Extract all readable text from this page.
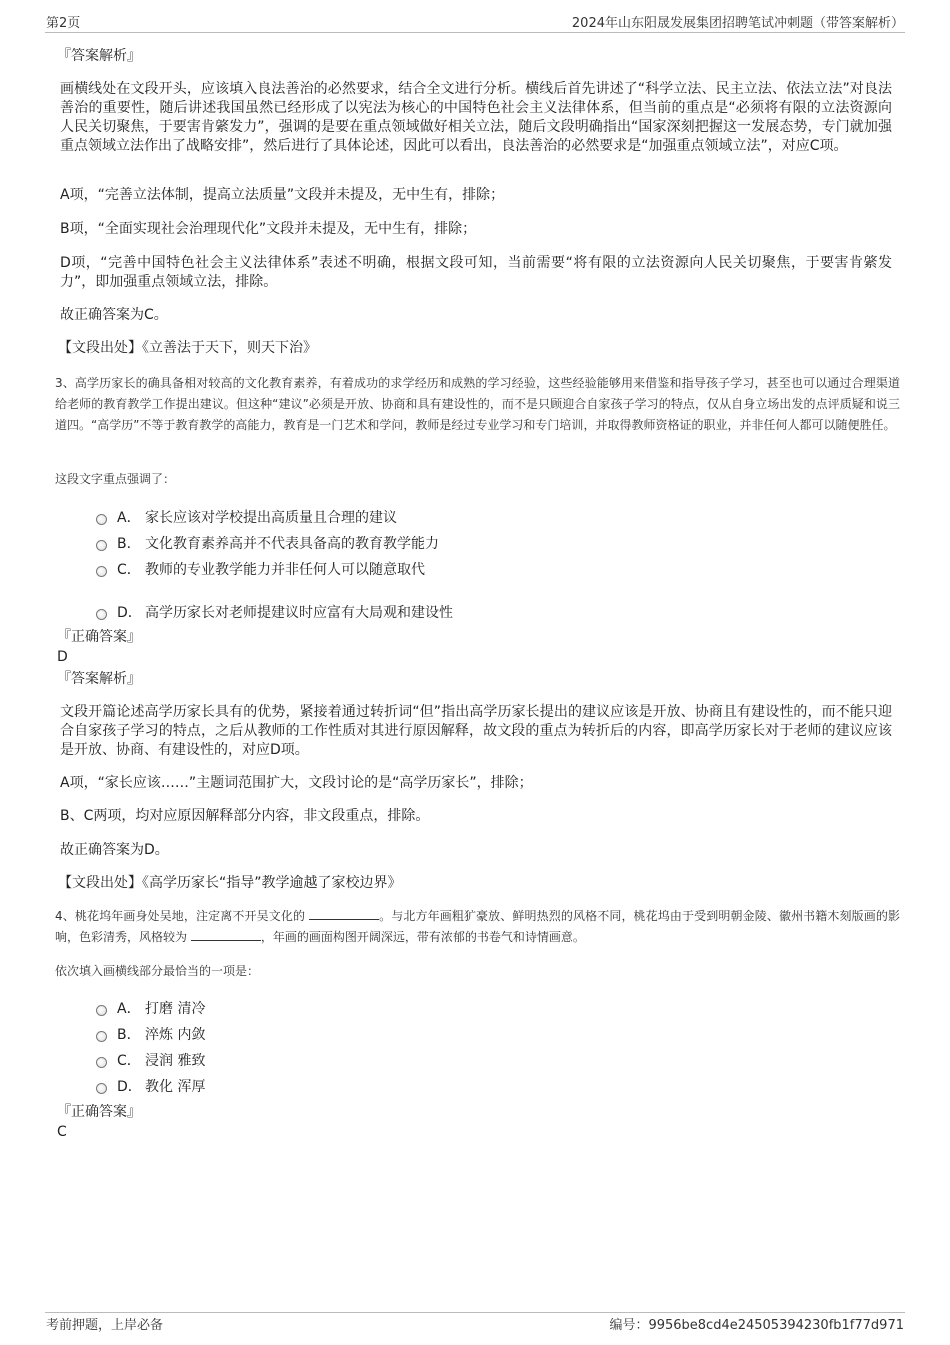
第2页	2024年山东阳晟发展集团招聘笔试冲刺题（带答案解析）
『答案解析』
画横线处在文段开头，应该填入良法善治的必然要求，结合全文进行分析。横线后首先讲述了“科学立法、民主立法、依法立法”对良法善治的重要性，随后讲述我国虽然已经形成了以宪法为核心的中国特色社会主义法律体系，但当前的重点是“必须将有限的立法资源向人民关切聚焦，于要害肯綮发力”，强调的是要在重点领域做好相关立法，随后文段明确指出“国家深刻把握这一发展态势，专门就加强重点领域立法作出了战略安排”，然后进行了具体论述，因此可以看出，良法善治的必然要求是“加强重点领域立法”，对应C项。
A项，“完善立法体制，提高立法质量”文段并未提及，无中生有，排除；
B项，“全面实现社会治理现代化”文段并未提及，无中生有，排除；
D项，“完善中国特色社会主义法律体系”表述不明确，根据文段可知，当前需要“将有限的立法资源向人民关切聚焦，于要害肯綮发力”，即加强重点领域立法，排除。
故正确答案为C。
【文段出处】《立善法于天下，则天下治》
3、高学历家长的确具备相对较高的文化教育素养，有着成功的求学经历和成熟的学习经验，这些经验能够用来借鉴和指导孩子学习，甚至也可以通过合理渠道给老师的教育教学工作提出建议。但这种“建议”必须是开放、协商和具有建设性的，而不是只顾迎合自家孩子学习的特点，仅从自身立场出发的点评质疑和说三道四。“高学历”不等于教育教学的高能力，教育是一门艺术和学问，教师是经过专业学习和专门培训，并取得教师资格证的职业，并非任何人都可以随便胜任。
这段文字重点强调了：
A． 家长应该对学校提出高质量且合理的建议
B． 文化教育素养高并不代表具备高的教育教学能力
C． 教师的专业教学能力并非任何人可以随意取代
D． 高学历家长对老师提建议时应富有大局观和建设性
『正确答案』
D
『答案解析』
文段开篇论述高学历家长具有的优势，紧接着通过转折词“但”指出高学历家长提出的建议应该是开放、协商且有建设性的，而不能只迎合自家孩子学习的特点，之后从教师的工作性质对其进行原因解释，故文段的重点为转折后的内容，即高学历家长对于老师的建议应该是开放、协商、有建设性的，对应D项。
A项，“家长应该……”主题词范围扩大，文段讨论的是“高学历家长”，排除；
B、C两项，均对应原因解释部分内容，非文段重点，排除。
故正确答案为D。
【文段出处】《高学历家长“指导”教学逾越了家校边界》
4、桃花坞年画身处吴地，注定离不开吴文化的	。与北方年画粗犷豪放、鲜明热烈的风格不同，桃花坞由于受到明朝金陵、徽州书籍木刻版画的影响，色彩清秀，风格较为	，年画的画面构图开阔深远，带有浓郁的书卷气和诗情画意。
依次填入画横线部分最恰当的一项是：
A． 打磨 清冷
B． 淬炼 内敛
C． 浸润 雅致
D． 教化 浑厚
『正确答案』
C
考前押题，上岸必备	编号：9956be8cd4e24505394230fb1f77d971
